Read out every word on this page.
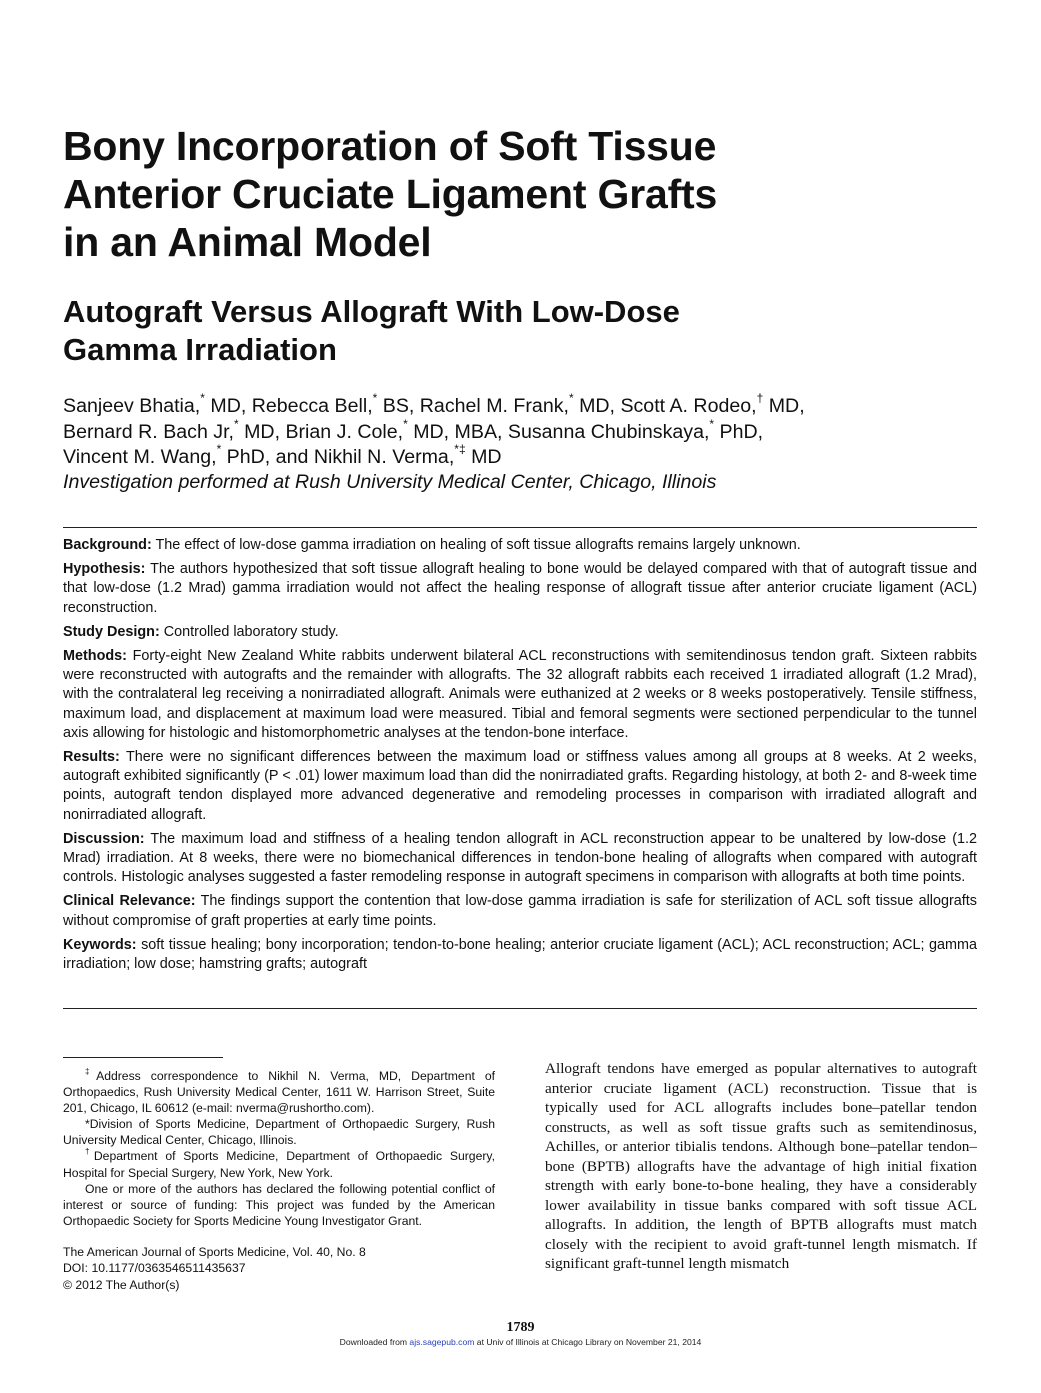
Bony Incorporation of Soft Tissue
Anterior Cruciate Ligament Grafts
in an Animal Model
Autograft Versus Allograft With Low-Dose
Gamma Irradiation
Sanjeev Bhatia,* MD, Rebecca Bell,* BS, Rachel M. Frank,* MD, Scott A. Rodeo,† MD,
Bernard R. Bach Jr,* MD, Brian J. Cole,* MD, MBA, Susanna Chubinskaya,* PhD,
Vincent M. Wang,* PhD, and Nikhil N. Verma,*‡ MD
Investigation performed at Rush University Medical Center, Chicago, Illinois

Background: The effect of low-dose gamma irradiation on healing of soft tissue allografts remains largely unknown.

Hypothesis: The authors hypothesized that soft tissue allograft healing to bone would be delayed compared with that of autograft tissue and that low-dose (1.2 Mrad) gamma irradiation would not affect the healing response of allograft tissue after anterior cruciate ligament (ACL) reconstruction.

Study Design: Controlled laboratory study.

Methods: Forty-eight New Zealand White rabbits underwent bilateral ACL reconstructions with semitendinosus tendon graft. Sixteen rabbits were reconstructed with autografts and the remainder with allografts. The 32 allograft rabbits each received 1 irradiated allograft (1.2 Mrad), with the contralateral leg receiving a nonirradiated allograft. Animals were euthanized at 2 weeks or 8 weeks postoperatively. Tensile stiffness, maximum load, and displacement at maximum load were measured. Tibial and femoral segments were sectioned perpendicular to the tunnel axis allowing for histologic and histomorphometric analyses at the tendon-bone interface.

Results: There were no significant differences between the maximum load or stiffness values among all groups at 8 weeks. At 2 weeks, autograft exhibited significantly (P < .01) lower maximum load than did the nonirradiated grafts. Regarding histology, at both 2- and 8-week time points, autograft tendon displayed more advanced degenerative and remodeling processes in comparison with irradiated allograft and nonirradiated allograft.

Discussion: The maximum load and stiffness of a healing tendon allograft in ACL reconstruction appear to be unaltered by low-dose (1.2 Mrad) irradiation. At 8 weeks, there were no biomechanical differences in tendon-bone healing of allografts when compared with autograft controls. Histologic analyses suggested a faster remodeling response in autograft specimens in comparison with allografts at both time points.

Clinical Relevance: The findings support the contention that low-dose gamma irradiation is safe for sterilization of ACL soft tissue allografts without compromise of graft properties at early time points.

Keywords: soft tissue healing; bony incorporation; tendon-to-bone healing; anterior cruciate ligament (ACL); ACL reconstruction; ACL; gamma irradiation; low dose; hamstring grafts; autograft

‡Address correspondence to Nikhil N. Verma, MD, Department of Orthopaedics, Rush University Medical Center, 1611 W. Harrison Street, Suite 201, Chicago, IL 60612 (e-mail: nverma@rushortho.com).

*Division of Sports Medicine, Department of Orthopaedic Surgery, Rush University Medical Center, Chicago, Illinois.

†Department of Sports Medicine, Department of Orthopaedic Surgery, Hospital for Special Surgery, New York, New York.

One or more of the authors has declared the following potential conflict of interest or source of funding: This project was funded by the American Orthopaedic Society for Sports Medicine Young Investigator Grant.

The American Journal of Sports Medicine, Vol. 40, No. 8
DOI: 10.1177/0363546511435637
© 2012 The Author(s)
Allograft tendons have emerged as popular alternatives to autograft anterior cruciate ligament (ACL) reconstruction. Tissue that is typically used for ACL allografts includes bone–patellar tendon constructs, as well as soft tissue grafts such as semitendinosus, Achilles, or anterior tibialis tendons. Although bone–patellar tendon–bone (BPTB) allografts have the advantage of high initial fixation strength with early bone-to-bone healing, they have a considerably lower availability in tissue banks compared with soft tissue ACL allografts. In addition, the length of BPTB allografts must match closely with the recipient to avoid graft-tunnel length mismatch. If significant graft-tunnel length mismatch
1789
Downloaded from ajs.sagepub.com at Univ of Illinois at Chicago Library on November 21, 2014
